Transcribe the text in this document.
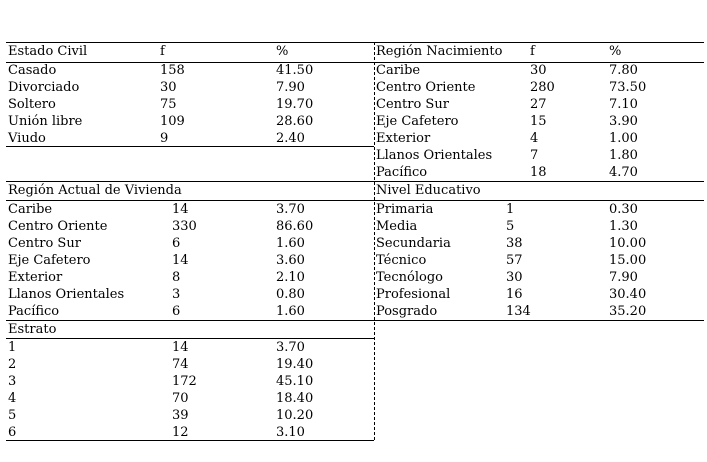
Estado Civil	f	%
Casado	158	41.50
Divorciado	30	7.90
Soltero	75	19.70
Unión libre	109	28.60
Viudo	9	2.40
Región Nacimiento f	%
Caribe	30	7.80
Centro Oriente	280	73.50
Centro Sur	27	7.10
Eje Cafetero	15	3.90
Exterior	4	1.00
Llanos Orientales	7	1.80
Pacífico	18	4.70
Región Actual de Vivienda
Caribe	14	3.70
Centro Oriente	330	86.60
Centro Sur	6	1.60
Eje Cafetero	14	3.60
Exterior	8	2.10
Llanos Orientales	3	0.80
Pacífico	6	1.60
Nivel Educativo
Primaria	1	0.30
Media	5	1.30
Secundaria	38	10.00
Técnico	57	15.00
Tecnólogo	30	7.90
Profesional	16	30.40
Posgrado	134	35.20
Estrato
1	14	3.70
2	74	19.40
3	172	45.10
4	70	18.40
5	39	10.20
6	12	3.10
